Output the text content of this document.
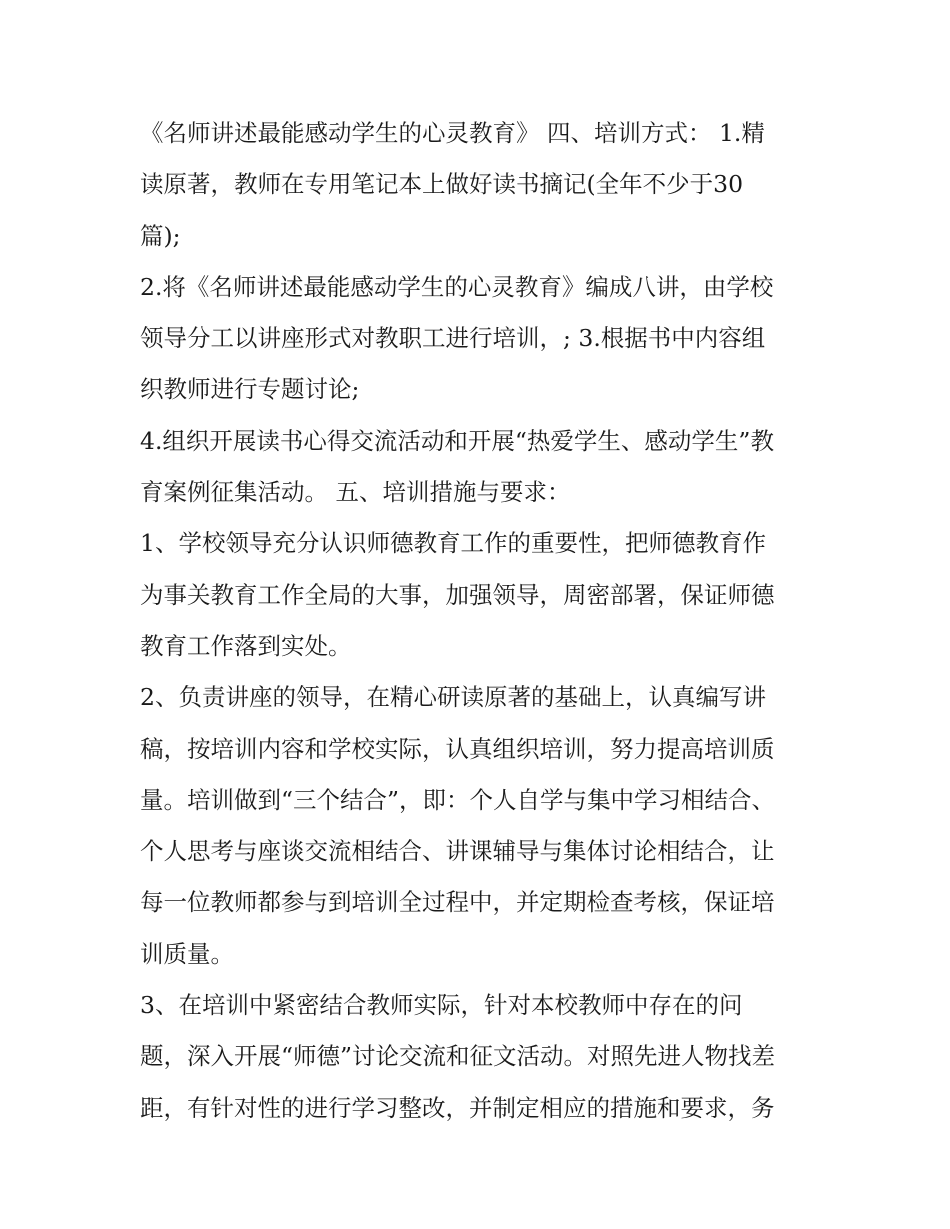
《名师讲述最能感动学生的心灵教育》 四、培训方式： 1.精
读原著，教师在专用笔记本上做好读书摘记(全年不少于30
篇);
2.将《名师讲述最能感动学生的心灵教育》编成八讲，由学校
领导分工以讲座形式对教职工进行培训，; 3.根据书中内容组
织教师进行专题讨论;
4.组织开展读书心得交流活动和开展“热爱学生、感动学生”教
育案例征集活动。 五、培训措施与要求：
1、学校领导充分认识师德教育工作的重要性，把师德教育作
为事关教育工作全局的大事，加强领导，周密部署，保证师德
教育工作落到实处。
2、负责讲座的领导，在精心研读原著的基础上，认真编写讲
稿，按培训内容和学校实际，认真组织培训，努力提高培训质
量。培训做到“三个结合”，即：个人自学与集中学习相结合、
个人思考与座谈交流相结合、讲课辅导与集体讨论相结合，让
每一位教师都参与到培训全过程中，并定期检查考核，保证培
训质量。
3、在培训中紧密结合教师实际，针对本校教师中存在的问
题，深入开展“师德”讨论交流和征文活动。对照先进人物找差
距，有针对性的进行学习整改，并制定相应的措施和要求，务
